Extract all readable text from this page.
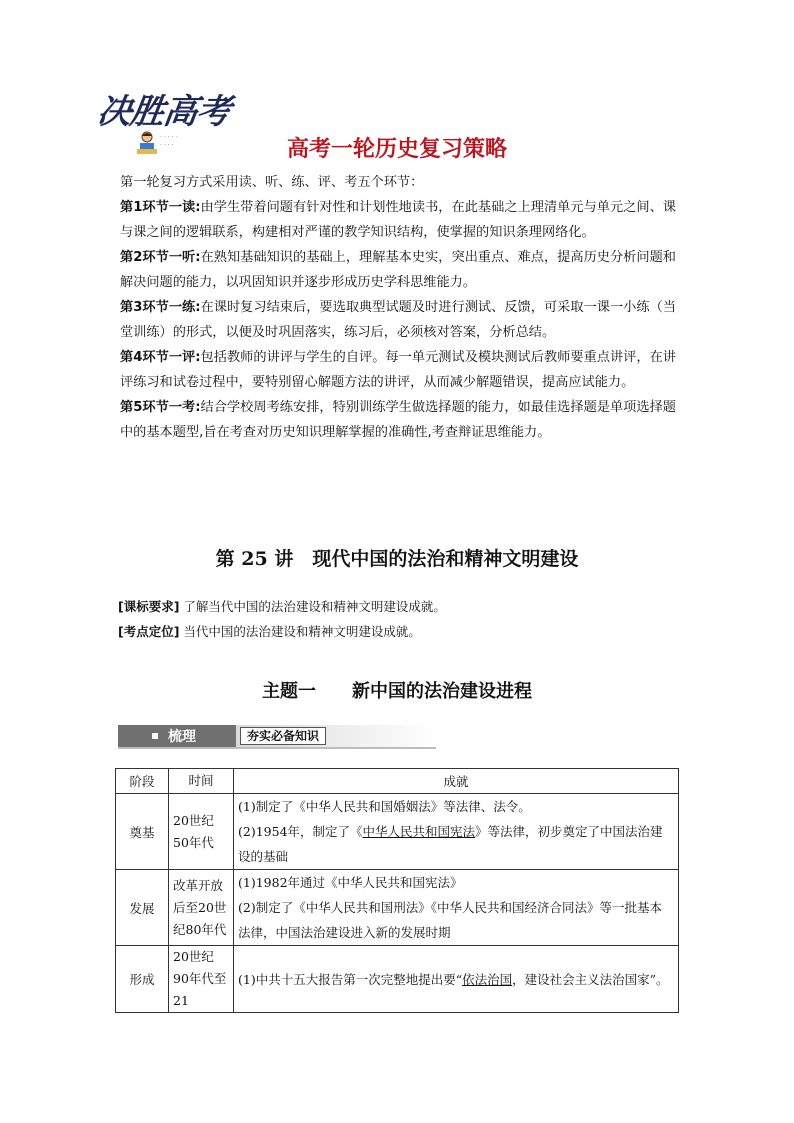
决胜高考
· · · · ·
· · · ·	高考一轮历史复习策略

第一轮复习方式采用读、听、练、评、考五个环节：

第1环节一读:由学生带着问题有针对性和计划性地读书，在此基础之上理清单元与单元之间、课与课之间的逻辑联系，构建相对严谨的教学知识结构，使掌握的知识条理网络化。

第2环节一听:在熟知基础知识的基础上，理解基本史实，突出重点、难点，提高历史分析问题和解决问题的能力，以巩固知识并逐步形成历史学科思维能力。

第3环节一练:在课时复习结束后，要选取典型试题及时进行测试、反馈，可采取一课一小练（当堂训练）的形式，以便及时巩固落实，练习后，必须核对答案，分析总结。

第4环节一评:包括教师的讲评与学生的自评。每一单元测试及模块测试后教师要重点讲评，在讲评练习和试卷过程中，要特别留心解题方法的讲评，从而减少解题错误，提高应试能力。

第5环节一考:结合学校周考练安排，特别训练学生做选择题的能力，如最佳选择题是单项选择题中的基本题型,旨在考查对历史知识理解掌握的准确性,考查辩证思维能力。

第 25 讲　现代中国的法治和精神文明建设

[课标要求] 了解当代中国的法治建设和精神文明建设成就。

[考点定位] 当代中国的法治建设和精神文明建设成就。

主题一　　新中国的法治建设进程
梳理	夯实必备知识
阶段	时间	成就
奠基	20世纪 50年代	(1)制定了《中华人民共和国婚姻法》等法律、法令。
(2)1954年，制定了《中华人民共和国宪法》等法律，初步奠定了中国法治建设的基础

发展	改革开放后至20世纪80年代	(1)1982年通过《中华人民共和国宪法》
(2)制定了《中华人民共和国刑法》《中华人民共和国经济合同法》等一批基本法律，中国法治建设进入新的发展时期

形成	20世纪 90年代至 21	(1)中共十五大报告第一次完整地提出要“依法治国，建设社会主义法治国家”。
